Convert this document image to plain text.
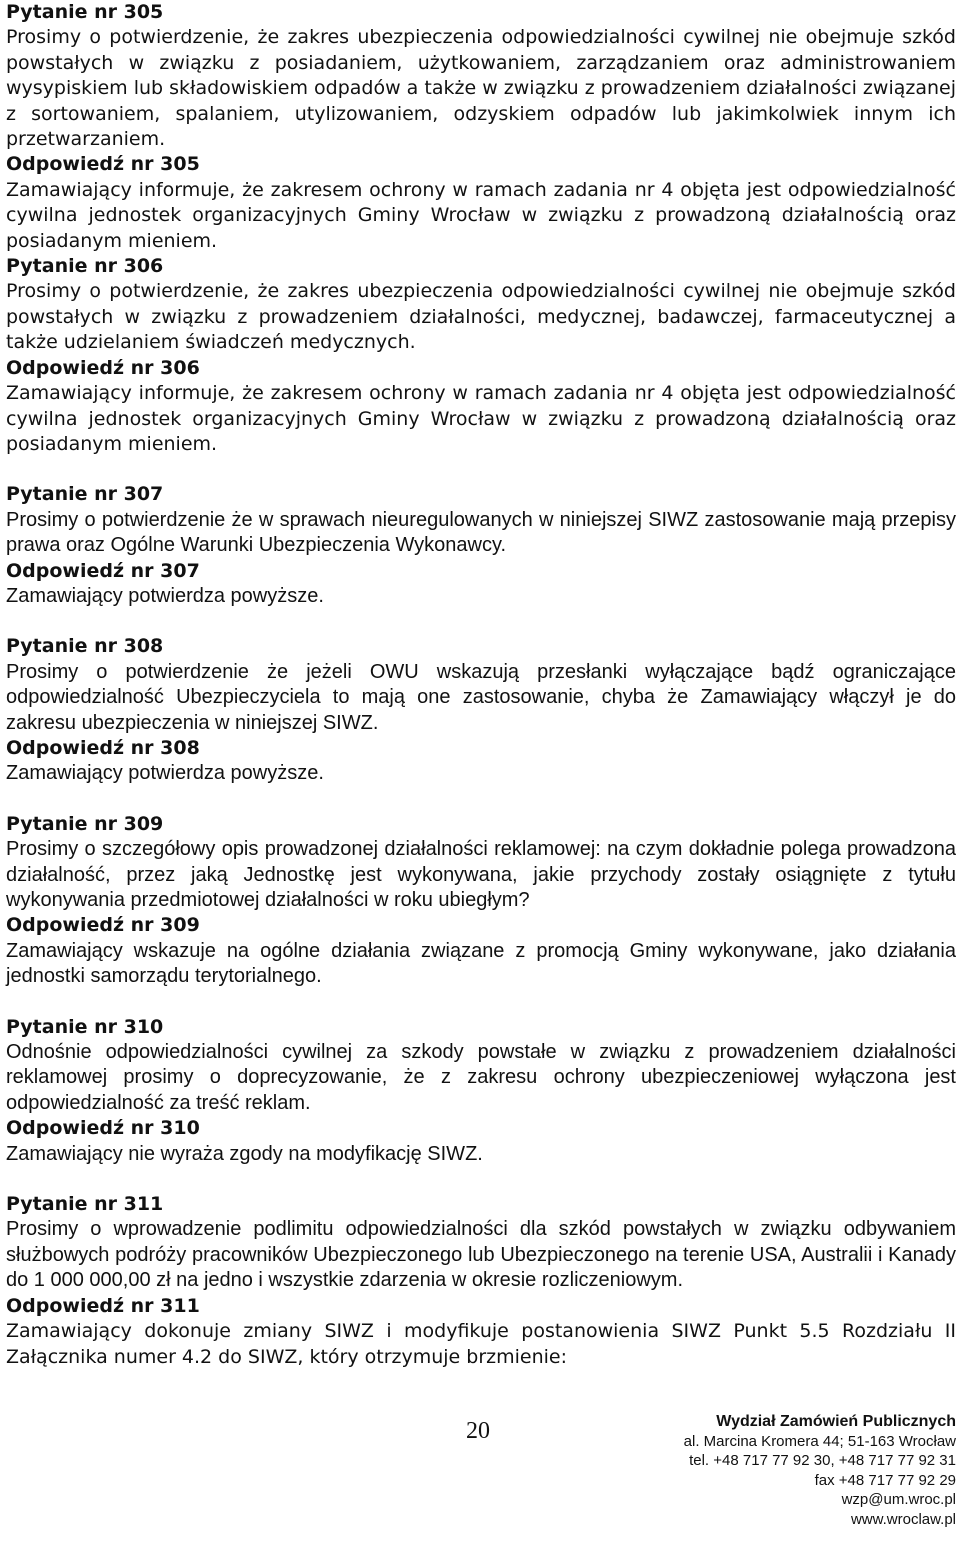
Pytanie nr 305

Prosimy o potwierdzenie, że zakres ubezpieczenia odpowiedzialności cywilnej nie obejmuje szkód powstałych w związku z posiadaniem, użytkowaniem, zarządzaniem oraz administrowaniem wysypiskiem lub składowiskiem odpadów a także w związku z prowadzeniem działalności związanej z sortowaniem, spalaniem, utylizowaniem, odzyskiem odpadów lub jakimkolwiek innym ich przetwarzaniem.

Odpowiedź nr 305

Zamawiający informuje, że zakresem ochrony w ramach zadania nr 4 objęta jest odpowiedzialność cywilna jednostek organizacyjnych Gminy Wrocław w związku z prowadzoną działalnością oraz posiadanym mieniem.

Pytanie nr 306

Prosimy o potwierdzenie, że zakres ubezpieczenia odpowiedzialności cywilnej nie obejmuje szkód powstałych w związku z prowadzeniem działalności, medycznej, badawczej, farmaceutycznej a także udzielaniem świadczeń medycznych.

Odpowiedź nr 306

Zamawiający informuje, że zakresem ochrony w ramach zadania nr 4 objęta jest odpowiedzialność cywilna jednostek organizacyjnych Gminy Wrocław w związku z prowadzoną działalnością oraz posiadanym mieniem.

Pytanie nr 307

Prosimy o potwierdzenie że w sprawach nieuregulowanych w niniejszej SIWZ zastosowanie mają przepisy prawa oraz Ogólne Warunki Ubezpieczenia Wykonawcy.

Odpowiedź nr 307

Zamawiający potwierdza powyższe.

Pytanie nr 308

Prosimy o potwierdzenie że jeżeli OWU wskazują przesłanki wyłączające bądź ograniczające odpowiedzialność Ubezpieczyciela to mają one zastosowanie, chyba że Zamawiający włączył je do zakresu ubezpieczenia w niniejszej SIWZ.

Odpowiedź nr 308

Zamawiający potwierdza powyższe.

Pytanie nr 309

Prosimy o szczegółowy opis prowadzonej działalności reklamowej: na czym dokładnie polega prowadzona działalność, przez jaką Jednostkę jest wykonywana, jakie przychody zostały osiągnięte z tytułu wykonywania przedmiotowej działalności w roku ubiegłym?

Odpowiedź nr 309

Zamawiający wskazuje na ogólne działania związane z promocją Gminy wykonywane, jako działania jednostki samorządu terytorialnego.

Pytanie nr 310

Odnośnie odpowiedzialności cywilnej za szkody powstałe w związku z prowadzeniem działalności reklamowej prosimy o doprecyzowanie, że z zakresu ochrony ubezpieczeniowej wyłączona jest odpowiedzialność za treść reklam.

Odpowiedź nr 310

Zamawiający nie wyraża zgody na modyfikację SIWZ.

Pytanie nr 311

Prosimy o wprowadzenie podlimitu odpowiedzialności dla szkód powstałych w związku odbywaniem służbowych podróży pracowników Ubezpieczonego lub Ubezpieczonego na terenie USA, Australii i Kanady do 1 000 000,00 zł na jedno i wszystkie zdarzenia w okresie rozliczeniowym.

Odpowiedź nr 311

Zamawiający dokonuje zmiany SIWZ i modyfikuje postanowienia SIWZ Punkt 5.5 Rozdziału II Załącznika numer 4.2 do SIWZ, który otrzymuje brzmienie:

20	Wydział Zamówień Publicznych
al. Marcina Kromera 44; 51-163 Wrocław
tel. +48 717 77 92 30, +48 717 77 92 31
fax +48 717 77 92 29
wzp@um.wroc.pl
www.wroclaw.pl
